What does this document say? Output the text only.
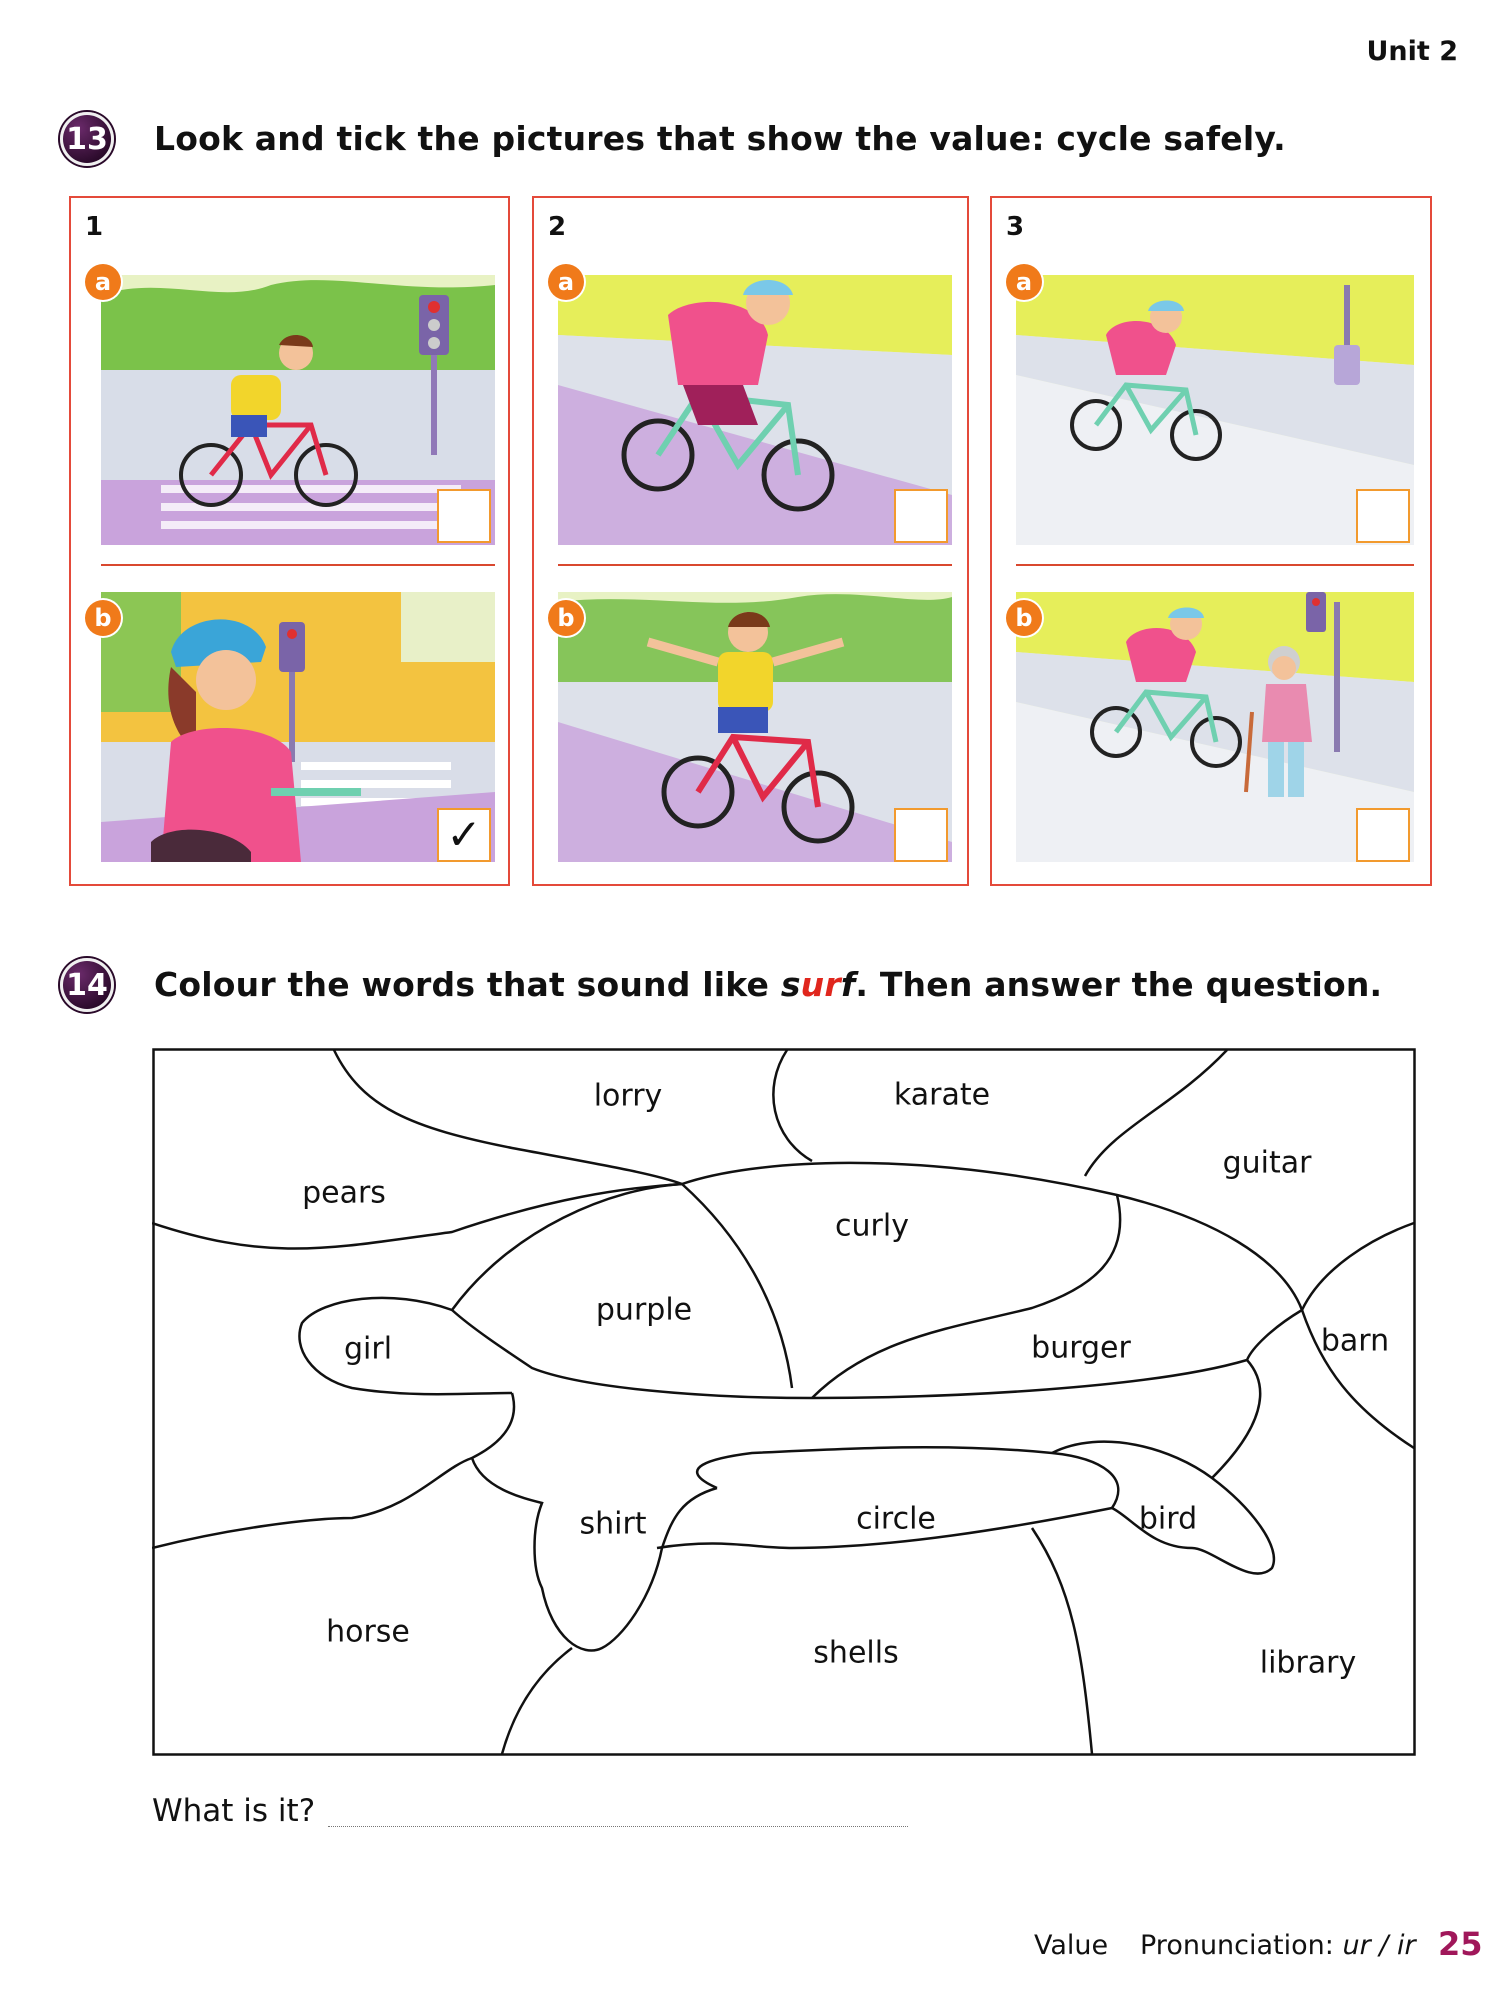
Unit 2
13 Look and tick the pictures that show the value: cycle safely.
1
a
b
✓
2
a
b
3
a
b
14 Colour the words that sound like surf. Then answer the question.
lorry	karate
pears
guitar
curly
purple
girl	burger	barn
shirt	circle	bird
horse
shells	library
What is it?
Value Pronunciation: ur / ir 25
